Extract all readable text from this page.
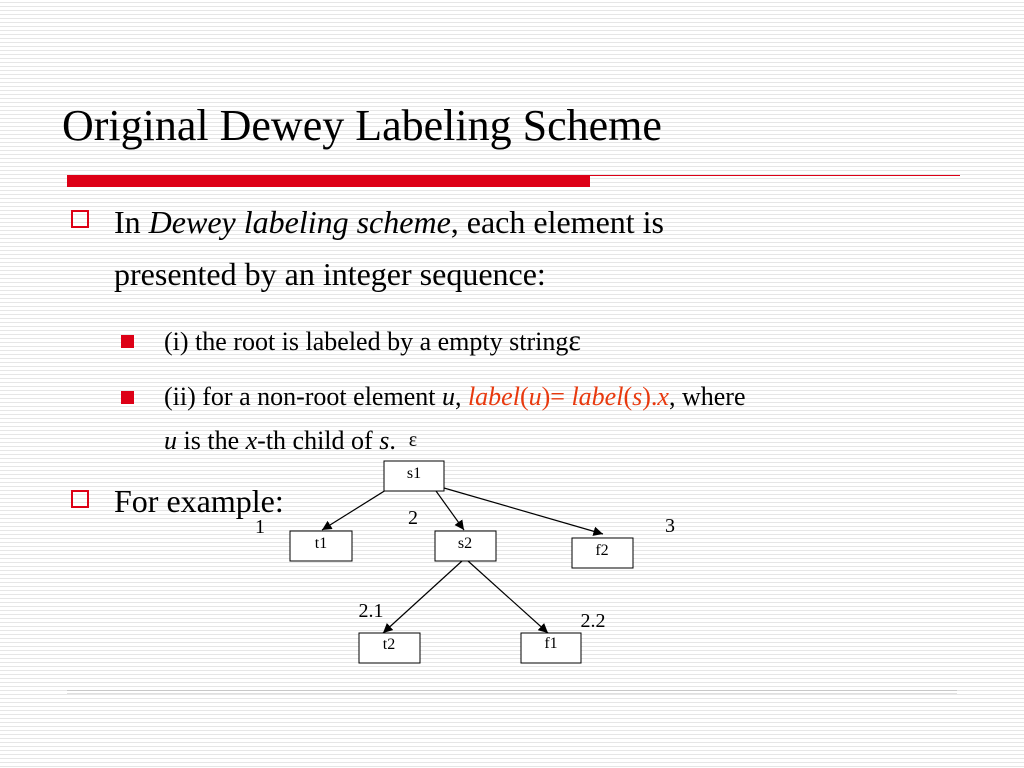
Original Dewey Labeling Scheme
In Dewey labeling scheme, each element is
presented by an integer sequence:
(i) the root is labeled by a empty stringε
(ii) for a non-root element u, label(u)= label(s).x, where
u is the x-th child of s.
For example:
s1
t1	s2	f2
t2	f1
ε
1	2	3
2.1	2.2
